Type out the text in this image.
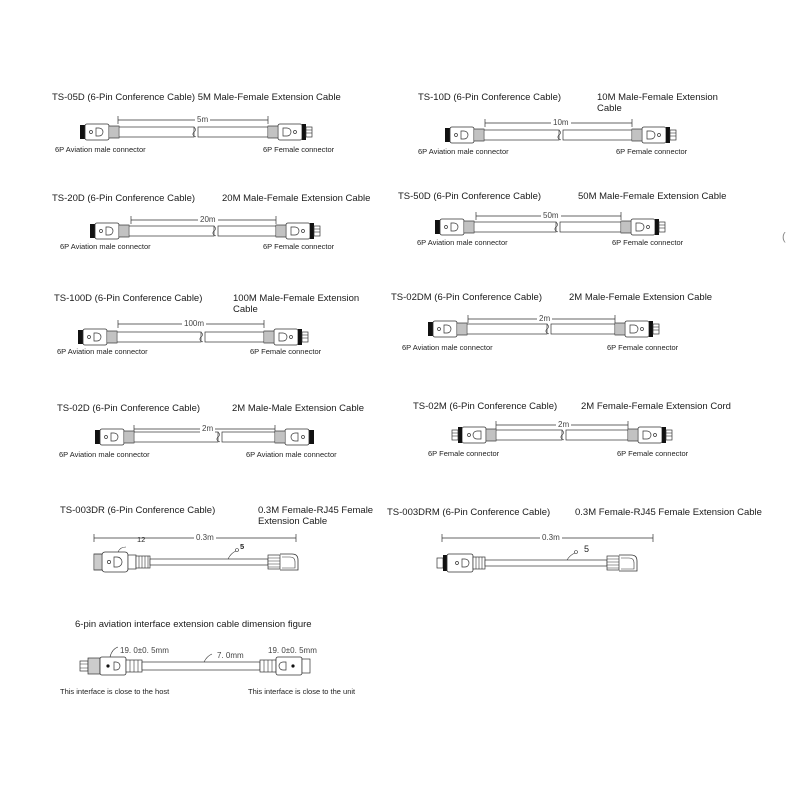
TS-05D (6-Pin Conference Cable) 5M Male-Female Extension Cable
5m
6P Aviation male connector	6P Female connector
TS-10D (6-Pin Conference Cable)	10M Male-Female Extension Cable
10m
6P Aviation male connector	6P Female connector
TS-20D (6-Pin Conference Cable)	20M Male-Female Extension Cable
20m
6P Aviation male connector	6P Female connector
TS-50D (6-Pin Conference Cable)	50M Male-Female Extension Cable
50m
6P Aviation male connector	6P Female connector	(
TS-100D (6-Pin Conference Cable)	100M Male-Female Extension Cable
100m
6P Aviation male connector	6P Female connector
TS-02DM (6-Pin Conference Cable)	2M Male-Female Extension Cable
2m
6P Aviation male connector	6P Female connector
TS-02D (6-Pin Conference Cable)	2M Male-Male Extension Cable
2m
6P Aviation male connector	6P Aviation male connector
TS-02M (6-Pin Conference Cable)	2M Female-Female Extension Cord
2m
6P Female connector	6P Female connector
TS-003DR (6-Pin Conference Cable)	0.3M Female-RJ45 Female Extension Cable
0.3m
12
5
TS-003DRM (6-Pin Conference Cable)	0.3M Female-RJ45 Female Extension Cable
0.3m
5
6-pin aviation interface extension cable dimension figure
19. 0±0. 5mm
7. 0mm
19. 0±0. 5mm
This interface is close to the host	This interface is close to the unit
